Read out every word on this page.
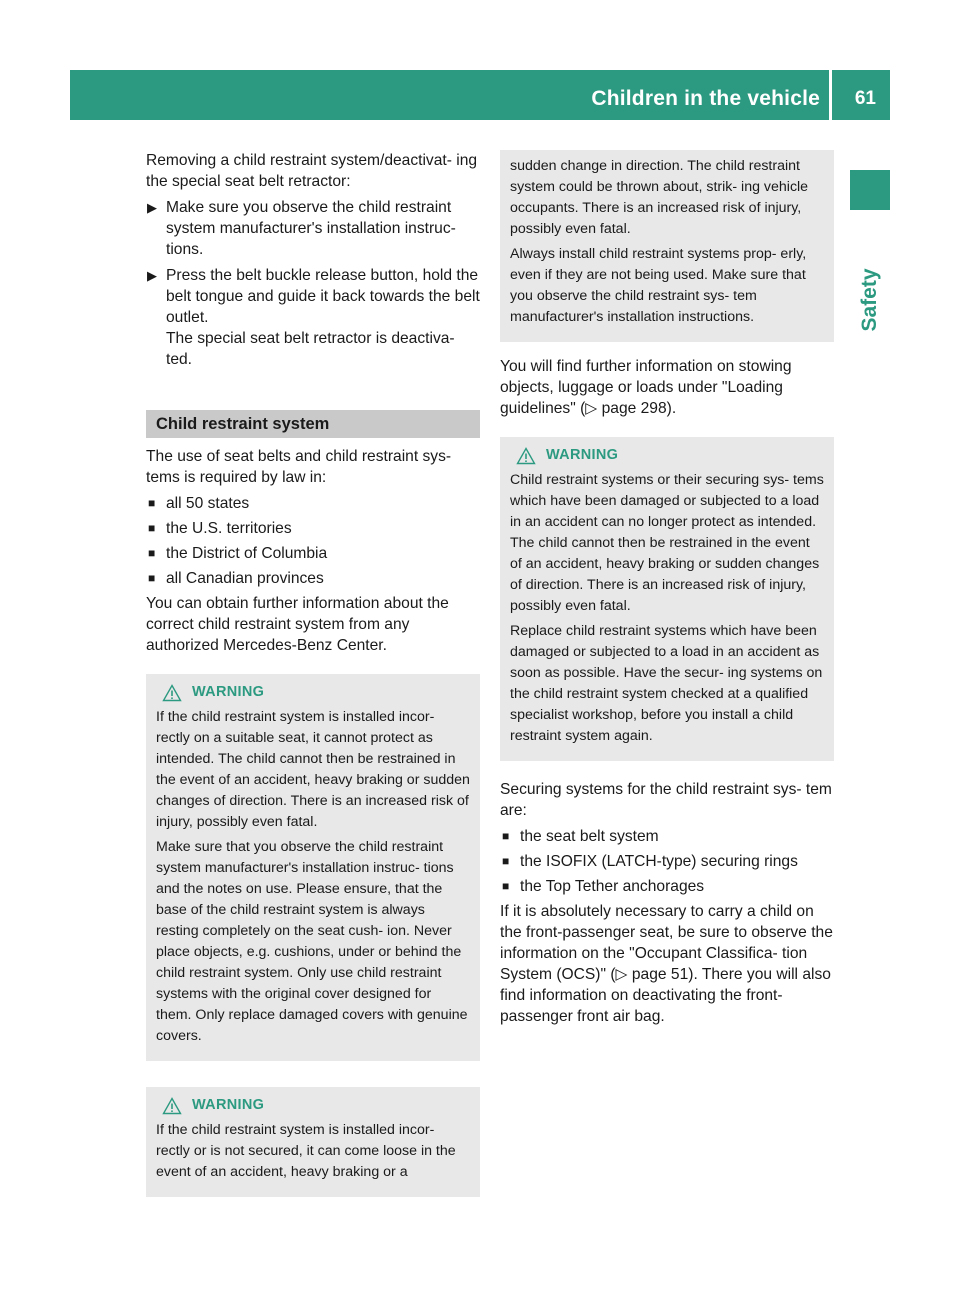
Children in the vehicle 61
Safety

Removing a child restraint system/deactivat- ing the special seat belt retractor:

▶ Make sure you observe the child restraint system manufacturer's installation instruc- tions.
▶ Press the belt buckle release button, hold the belt tongue and guide it back towards the belt outlet.
The special seat belt retractor is deactiva- ted.
Child restraint system

The use of seat belts and child restraint sys- tems is required by law in:

■ all 50 states
■ the U.S. territories
■ the District of Columbia
■ all Canadian provinces

You can obtain further information about the correct child restraint system from any authorized Mercedes-Benz Center.

WARNING

If the child restraint system is installed incor- rectly on a suitable seat, it cannot protect as intended. The child cannot then be restrained in the event of an accident, heavy braking or sudden changes of direction. There is an increased risk of injury, possibly even fatal.

Make sure that you observe the child restraint system manufacturer's installation instruc- tions and the notes on use. Please ensure, that the base of the child restraint system is always resting completely on the seat cush- ion. Never place objects, e.g. cushions, under or behind the child restraint system. Only use child restraint systems with the original cover designed for them. Only replace damaged covers with genuine covers.

WARNING

If the child restraint system is installed incor- rectly or is not secured, it can come loose in the event of an accident, heavy braking or a

sudden change in direction. The child restraint system could be thrown about, strik- ing vehicle occupants. There is an increased risk of injury, possibly even fatal.

Always install child restraint systems prop- erly, even if they are not being used. Make sure that you observe the child restraint sys- tem manufacturer's installation instructions.

You will find further information on stowing objects, luggage or loads under "Loading guidelines" (▷ page 298).

WARNING

Child restraint systems or their securing sys- tems which have been damaged or subjected to a load in an accident can no longer protect as intended. The child cannot then be restrained in the event of an accident, heavy braking or sudden changes of direction. There is an increased risk of injury, possibly even fatal.

Replace child restraint systems which have been damaged or subjected to a load in an accident as soon as possible. Have the secur- ing systems on the child restraint system checked at a qualified specialist workshop, before you install a child restraint system again.

Securing systems for the child restraint sys- tem are:

■ the seat belt system
■ the ISOFIX (LATCH-type) securing rings
■ the Top Tether anchorages

If it is absolutely necessary to carry a child on the front-passenger seat, be sure to observe the information on the "Occupant Classifica- tion System (OCS)" (▷ page 51). There you will also find information on deactivating the front-passenger front air bag.
